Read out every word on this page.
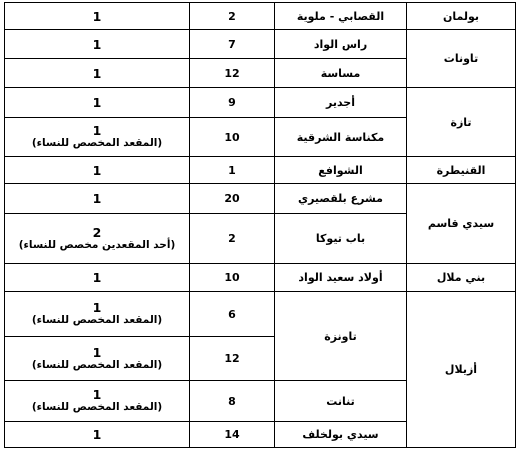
1	2	القصابي - ملوية	بولمان

1	7	راس الواد	تاونات

1	12	مساسة	

1	9	أجدير	تازة

1
(المقعد المخصص للنساء)	10	مكناسة الشرقية	

1	1	الشوافع	القنيطرة

1	20	مشرع بلقصيري	سيدي قاسم

2
(أحد المقعدين مخصص للنساء)	2	باب تيوكا	

1	10	أولاد سعيد الواد	بني ملال

1
(المقعد المخصص للنساء)	6	تاونزة	أزيلال

1
(المقعد المخصص للنساء)	12		

1
(المقعد المخصص للنساء)	8	تنانت	

1	14	سيدي بولخلف	
